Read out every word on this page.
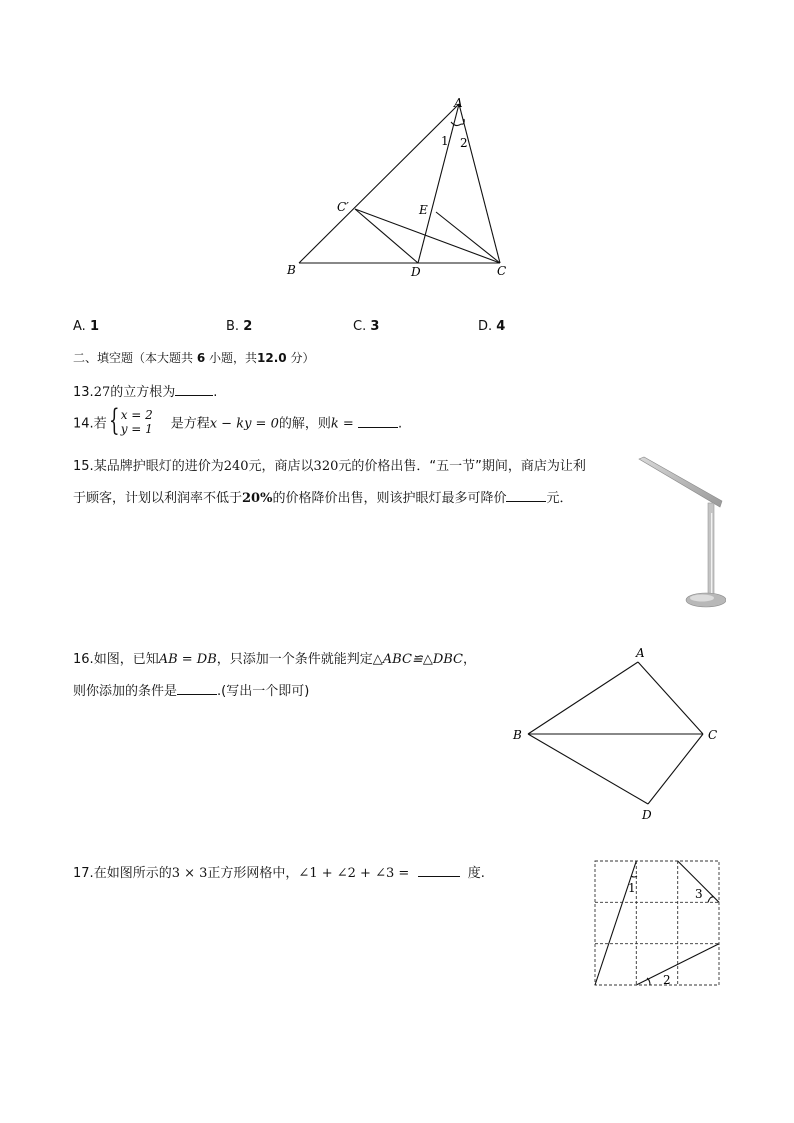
A
B	C
D
E
C′
1 2
A. 1	B. 2	C. 3	D. 4
二、填空题（本大题共 6 小题，共12.0 分）
13.27的立方根为	.
14.若 { x = 2
y = 1 是方程x − ky = 0的解，则k =	.
15.某品牌护眼灯的进价为240元，商店以320元的价格出售．“五一节”期间，商店为让利
于顾客，计划以利润率不低于20%的价格降价出售，则该护眼灯最多可降价	元．
16.如图，已知AB = DB，只添加一个条件就能判定△ABC≌△DBC，
则你添加的条件是	.(写出一个即可)
A
B	C
D
17.在如图所示的3 × 3正方形网格中，∠1 + ∠2 + ∠3 =	度.
1
2
3
